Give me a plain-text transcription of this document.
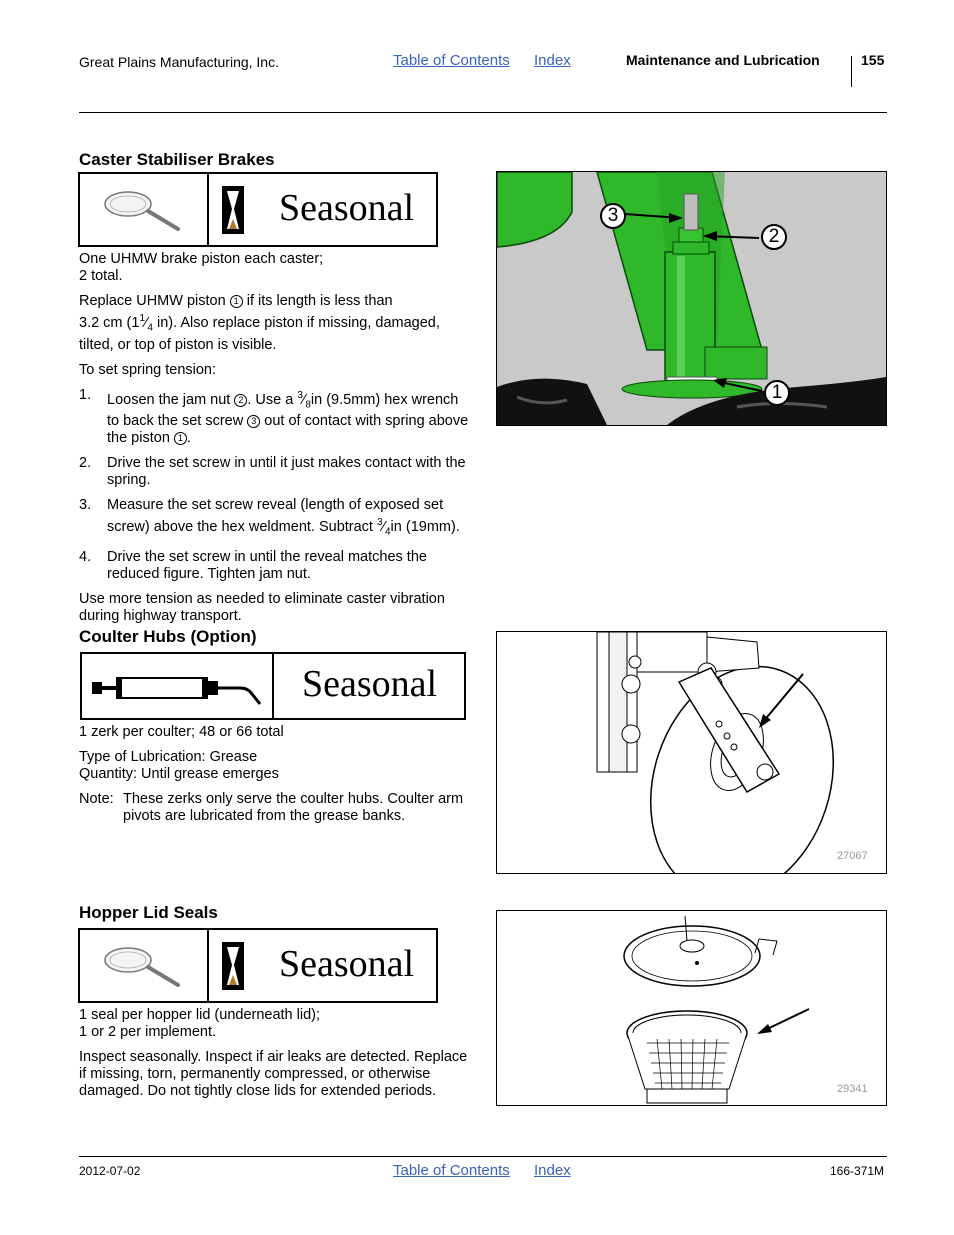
Great Plains Manufacturing, Inc.	Table of Contents Index	Maintenance and Lubrication	155
Caster Stabiliser Brakes
Seasonal

One UHMW brake piston each caster;
2 total.

Replace UHMW piston 1 if its length is less than
3.2 cm ($1^1⁄_4$ in). Also replace piston if missing, damaged,
tilted, or top of piston is visible.

To set spring tension:

1. Loosen the jam nut 2 . Use a $^3⁄_8in$ (9.5mm) hex wrench to back the set screw 3 out of contact with spring above the piston 1 .
2. Drive the set screw in until it just makes contact with the spring.
3. Measure the set screw reveal (length of exposed set screw) above the hex weldment. Subtract $^3⁄_4in$ (19mm).
4. Drive the set screw in until the reveal matches the reduced figure. Tighten jam nut.

Use more tension as needed to eliminate caster vibration during highway transport.

3
2
1
Coulter Hubs (Option)
Seasonal

1 zerk per coulter; 48 or 66 total

Type of Lubrication: Grease
Quantity: Until grease emerges

Note: These zerks only serve the coulter hubs. Coulter arm pivots are lubricated from the grease banks.

27067
Hopper Lid Seals
Seasonal

1 seal per hopper lid (underneath lid);
1 or 2 per implement.

Inspect seasonally. Inspect if air leaks are detected. Replace if missing, torn, permanently compressed, or otherwise damaged. Do not tightly close lids for extended periods.	29341
2012-07-02	Table of Contents Index	166-371M
